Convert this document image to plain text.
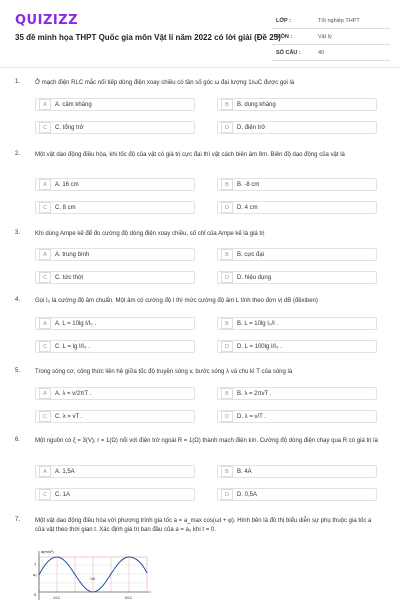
QUIZIZZ
35 đề minh họa THPT Quốc gia môn Vật lí năm 2022 có lời giải (Đề 25)
LỚP :	Tốt nghiệp THPT
MÔN :	Vật lý
SỐ CÂU :	40
1. Ở mạch điện RLC mắc nối tiếp dòng điện xoay chiều có tần số góc ω đại lượng 1/ωC được gọi là
A	A. cảm kháng	B	B. dung kháng
C	C. tổng trở	D	D. điện trở
2. Một vật dao động điều hòa, khi tốc độ của vật có giá trị cực đại thì vật cách biên âm 8m. Biên độ dao động của vật là
A	A. 16 cm	B	B. -8 cm
C	C. 8 cm	D	D. 4 cm
3. Khi dùng Ampe kế để đo cường độ dòng điện xoay chiều, số chỉ của Ampe kế là giá trị
A	A. trung bình	B	B. cực đại
C	C. tức thời	D	D. hiệu dụng
4. Gọi I₀ là cường độ âm chuẩn. Một âm có cường độ I thì mức cường độ âm L tính theo đơn vị dB (đêxiben)
A	A. L = 10lg I/I₀ .	B	B. L = 10lg I₀/I .
C	C. L = lg I/I₀ .	D	D. L = 100lg I/I₀ .
5. Trong sóng cơ, công thức liên hệ giữa tốc độ truyền sóng v, bước sóng λ và chu kì T của sóng là
A	A. λ = v/2πT .	B	B. λ = 2πvT .
C	C. λ = vT .	D	D. λ = v/T .
6. Một nguồn có ξ = 3(V), r = 1(Ω) nối với điện trở ngoài R = 1(Ω) thành mạch điện kín. Cường độ dòng điện chạy qua R có giá trị là
A	A. 1,5A	B	B. 4A
C	C. 1A	D	D. 0,5A
7. Một vật dao động điều hòa với phương trình gia tốc a = a_max cos(ωt + φ). Hình bên là đồ thị biểu diễn sự phụ thuộc gia tốc a của vật theo thời gian t. Xác định giá trị ban đầu của a = a₀ khi t = 0.
a(m/s²)
7
a₀
0
1/12
1/6
5/12
